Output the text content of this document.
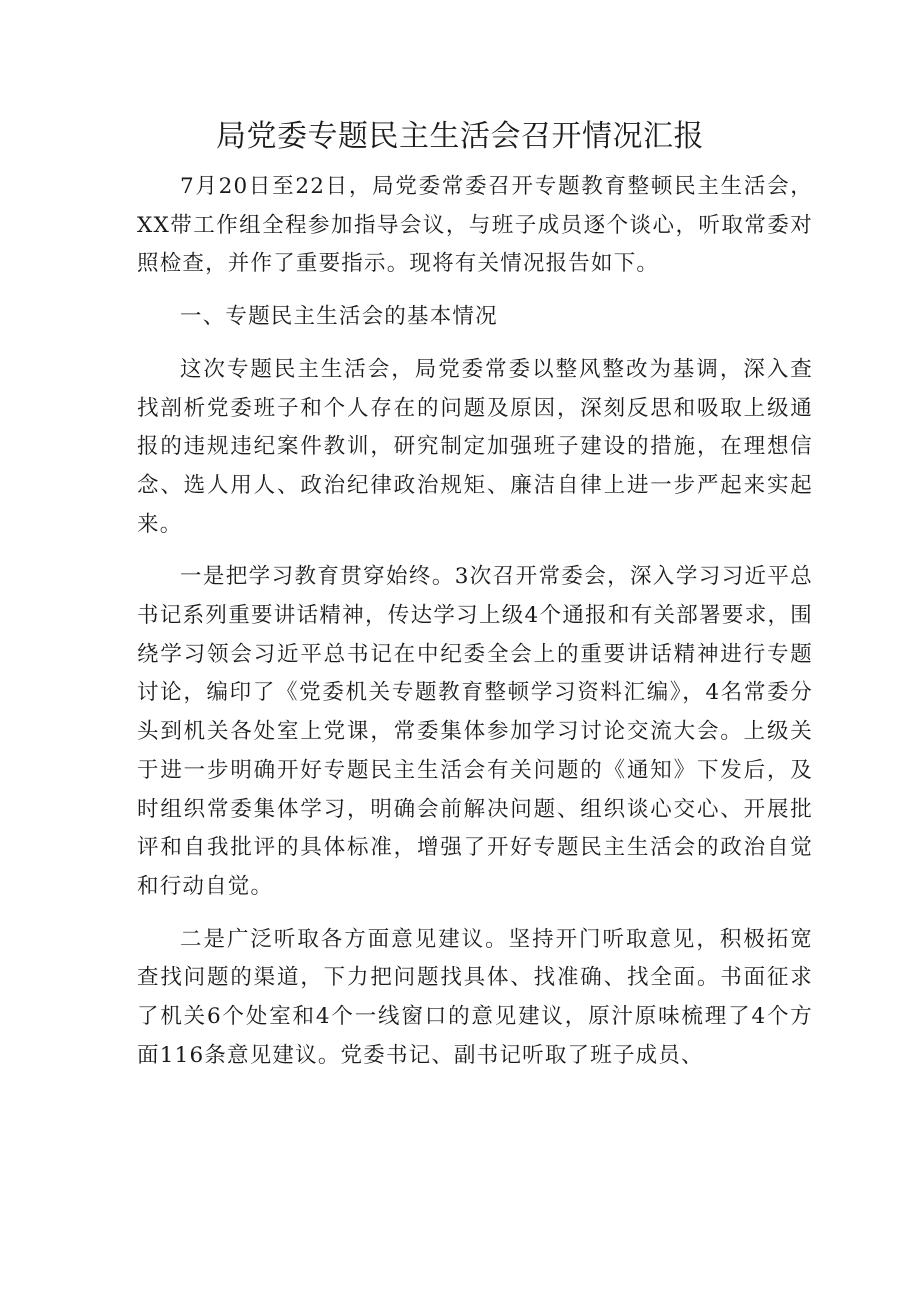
局党委专题民主生活会召开情况汇报

7月20日至22日，局党委常委召开专题教育整顿民主生活会，XX带工作组全程参加指导会议，与班子成员逐个谈心，听取常委对照检查，并作了重要指示。现将有关情况报告如下。

一、专题民主生活会的基本情况

这次专题民主生活会，局党委常委以整风整改为基调，深入查找剖析党委班子和个人存在的问题及原因，深刻反思和吸取上级通报的违规违纪案件教训，研究制定加强班子建设的措施，在理想信念、选人用人、政治纪律政治规矩、廉洁自律上进一步严起来实起来。

一是把学习教育贯穿始终。3次召开常委会，深入学习习近平总书记系列重要讲话精神，传达学习上级4个通报和有关部署要求，围绕学习领会习近平总书记在中纪委全会上的重要讲话精神进行专题讨论，编印了《党委机关专题教育整顿学习资料汇编》，4名常委分头到机关各处室上党课，常委集体参加学习讨论交流大会。上级关于进一步明确开好专题民主生活会有关问题的《通知》下发后，及时组织常委集体学习，明确会前解决问题、组织谈心交心、开展批评和自我批评的具体标准，增强了开好专题民主生活会的政治自觉和行动自觉。

二是广泛听取各方面意见建议。坚持开门听取意见，积极拓宽查找问题的渠道，下力把问题找具体、找准确、找全面。书面征求了机关6个处室和4个一线窗口的意见建议，原汁原味梳理了4个方面116条意见建议。党委书记、副书记听取了班子成员、
